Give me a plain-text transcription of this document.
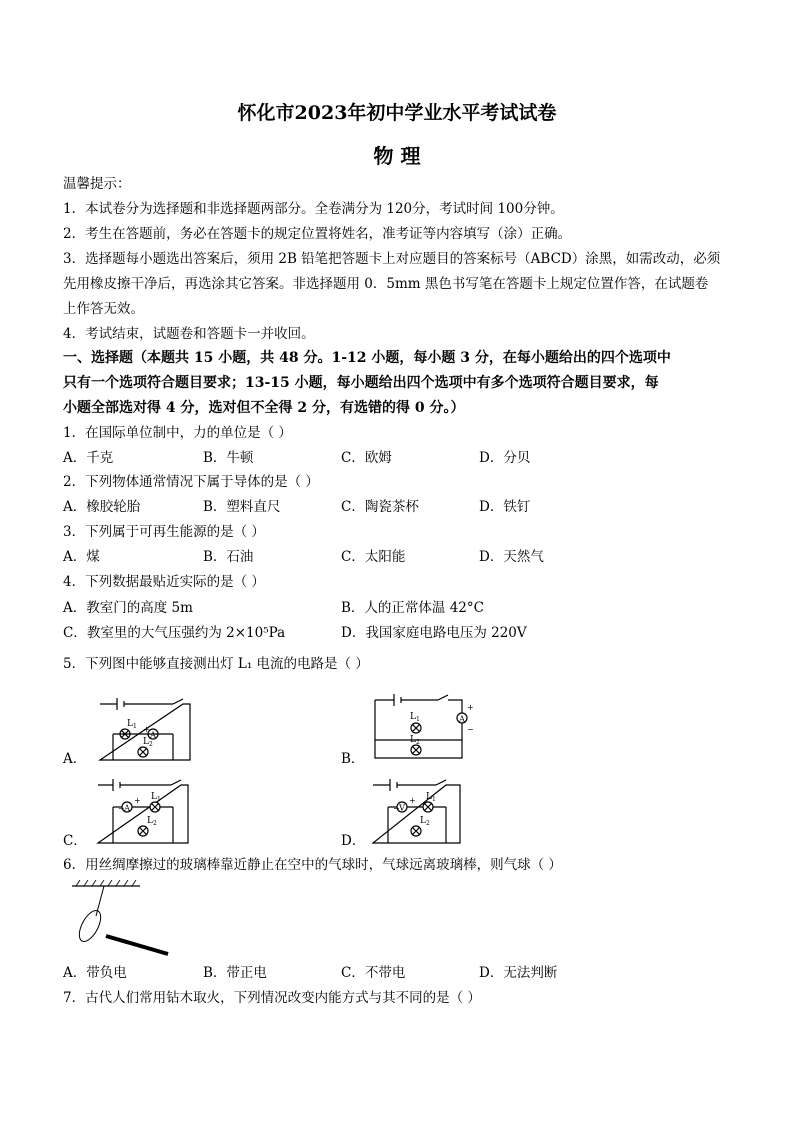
怀化市2023年初中学业水平考试试卷
物 理
温馨提示：
1．本试卷分为选择题和非选择题两部分。全卷满分为 120分，考试时间 100分钟。
2．考生在答题前，务必在答题卡的规定位置将姓名，准考证等内容填写（涂）正确。
3．选择题每小题选出答案后，须用 2B 铅笔把答题卡上对应题目的答案标号（ABCD）涂黑，如需改动，必须
先用橡皮擦干净后，再选涂其它答案。非选择题用 0．5mm 黑色书写笔在答题卡上规定位置作答，在试题卷
上作答无效。
4．考试结束，试题卷和答题卡一并收回。
一、选择题（本题共 15 小题，共 48 分。1-12 小题，每小题 3 分，在每小题给出的四个选项中
只有一个选项符合题目要求；13-15 小题，每小题给出四个选项中有多个选项符合题目要求，每
小题全部选对得 4 分，选对但不全得 2 分，有选错的得 0 分。）
1．在国际单位制中，力的单位是（ ）
A．千克	B．牛顿	C．欧姆	D．分贝
2．下列物体通常情况下属于导体的是（ ）
A．橡胶轮胎	B．塑料直尺	C．陶瓷茶杯	D．铁钉
3．下列属于可再生能源的是（ ）
A．煤	B．石油	C．太阳能	D．天然气
4．下列数据最贴近实际的是（ ）
A．教室门的高度 5m	B．人的正常体温 42°C
C．教室里的大气压强约为 2×10⁵Pa	D．我国家庭电路电压为 220V
5．下列图中能够直接测出灯 L₁ 电流的电路是（ ）
A
$L_1$
$L_2$
+
A．
A
$L_1$
$L_2$
+
−
B．
A
$L_1$
$L_2$
−
+
C．
V
$L_1$
$L_2$
−
+
D．
6．用丝绸摩擦过的玻璃棒靠近静止在空中的气球时，气球远离玻璃棒，则气球（ ）
A．带负电	B．带正电	C．不带电	D．无法判断
7．古代人们常用钻木取火，下列情况改变内能方式与其不同的是（ ）
